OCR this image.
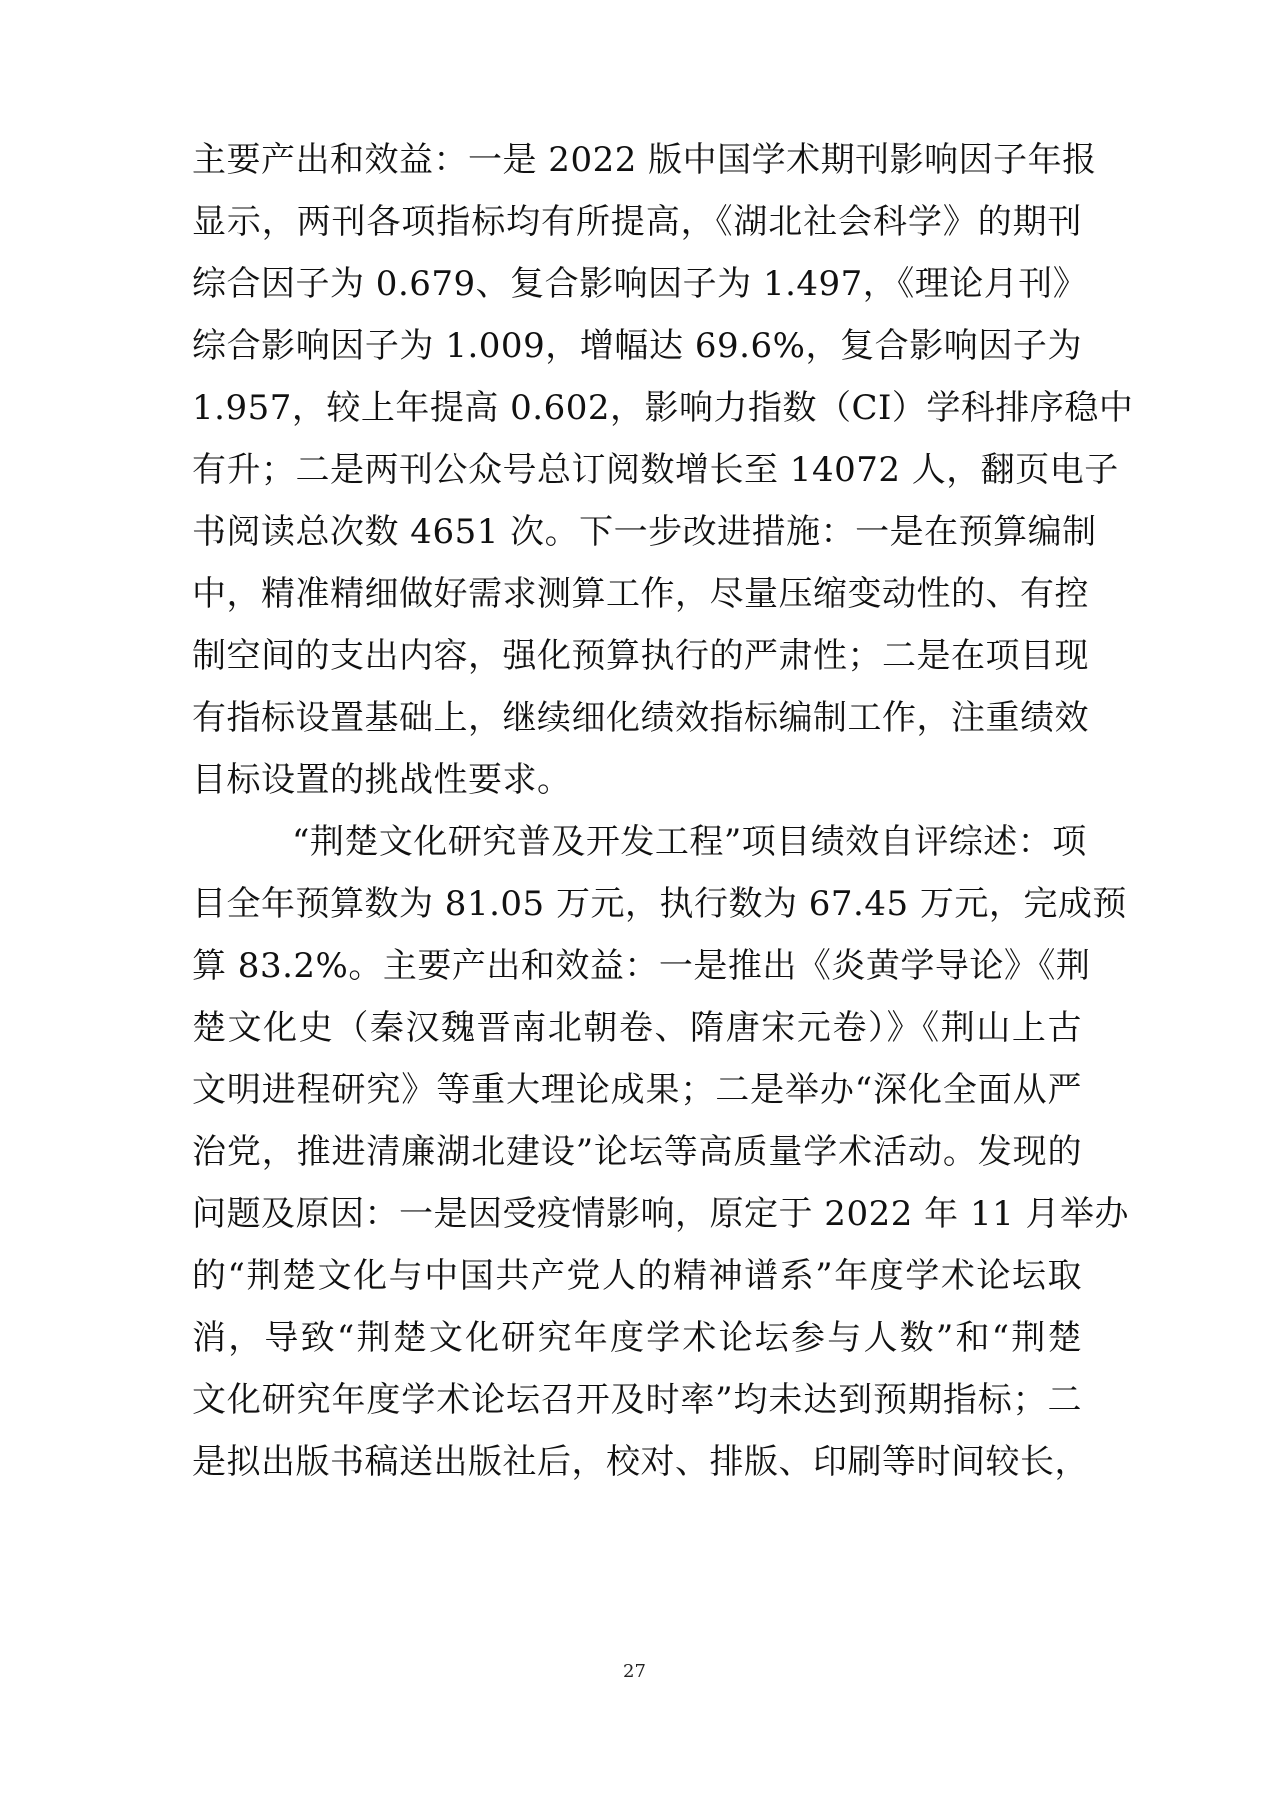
主要产出和效益：一是 2022 版中国学术期刊影响因子年报
显示，两刊各项指标均有所提高，《湖北社会科学》的期刊
综合因子为 0.679、复合影响因子为 1.497，《理论月刊》
综合影响因子为 1.009，增幅达 69.6%，复合影响因子为
1.957，较上年提高 0.602，影响力指数（CI）学科排序稳中
有升；二是两刊公众号总订阅数增长至 14072 人，翻页电子
书阅读总次数 4651 次。下一步改进措施：一是在预算编制
中，精准精细做好需求测算工作，尽量压缩变动性的、有控
制空间的支出内容，强化预算执行的严肃性；二是在项目现
有指标设置基础上，继续细化绩效指标编制工作，注重绩效
目标设置的挑战性要求。
“荆楚文化研究普及开发工程”项目绩效自评综述：项
目全年预算数为 81.05 万元，执行数为 67.45 万元，完成预
算 83.2%。主要产出和效益：一是推出《炎黄学导论》《荆
楚文化史（秦汉魏晋南北朝卷、隋唐宋元卷）》《荆山上古
文明进程研究》等重大理论成果；二是举办“深化全面从严
治党，推进清廉湖北建设”论坛等高质量学术活动。发现的
问题及原因：一是因受疫情影响，原定于 2022 年 11 月举办
的“荆楚文化与中国共产党人的精神谱系”年度学术论坛取
消，导致“荆楚文化研究年度学术论坛参与人数”和“荆楚
文化研究年度学术论坛召开及时率”均未达到预期指标；二
是拟出版书稿送出版社后，校对、排版、印刷等时间较长，
27
